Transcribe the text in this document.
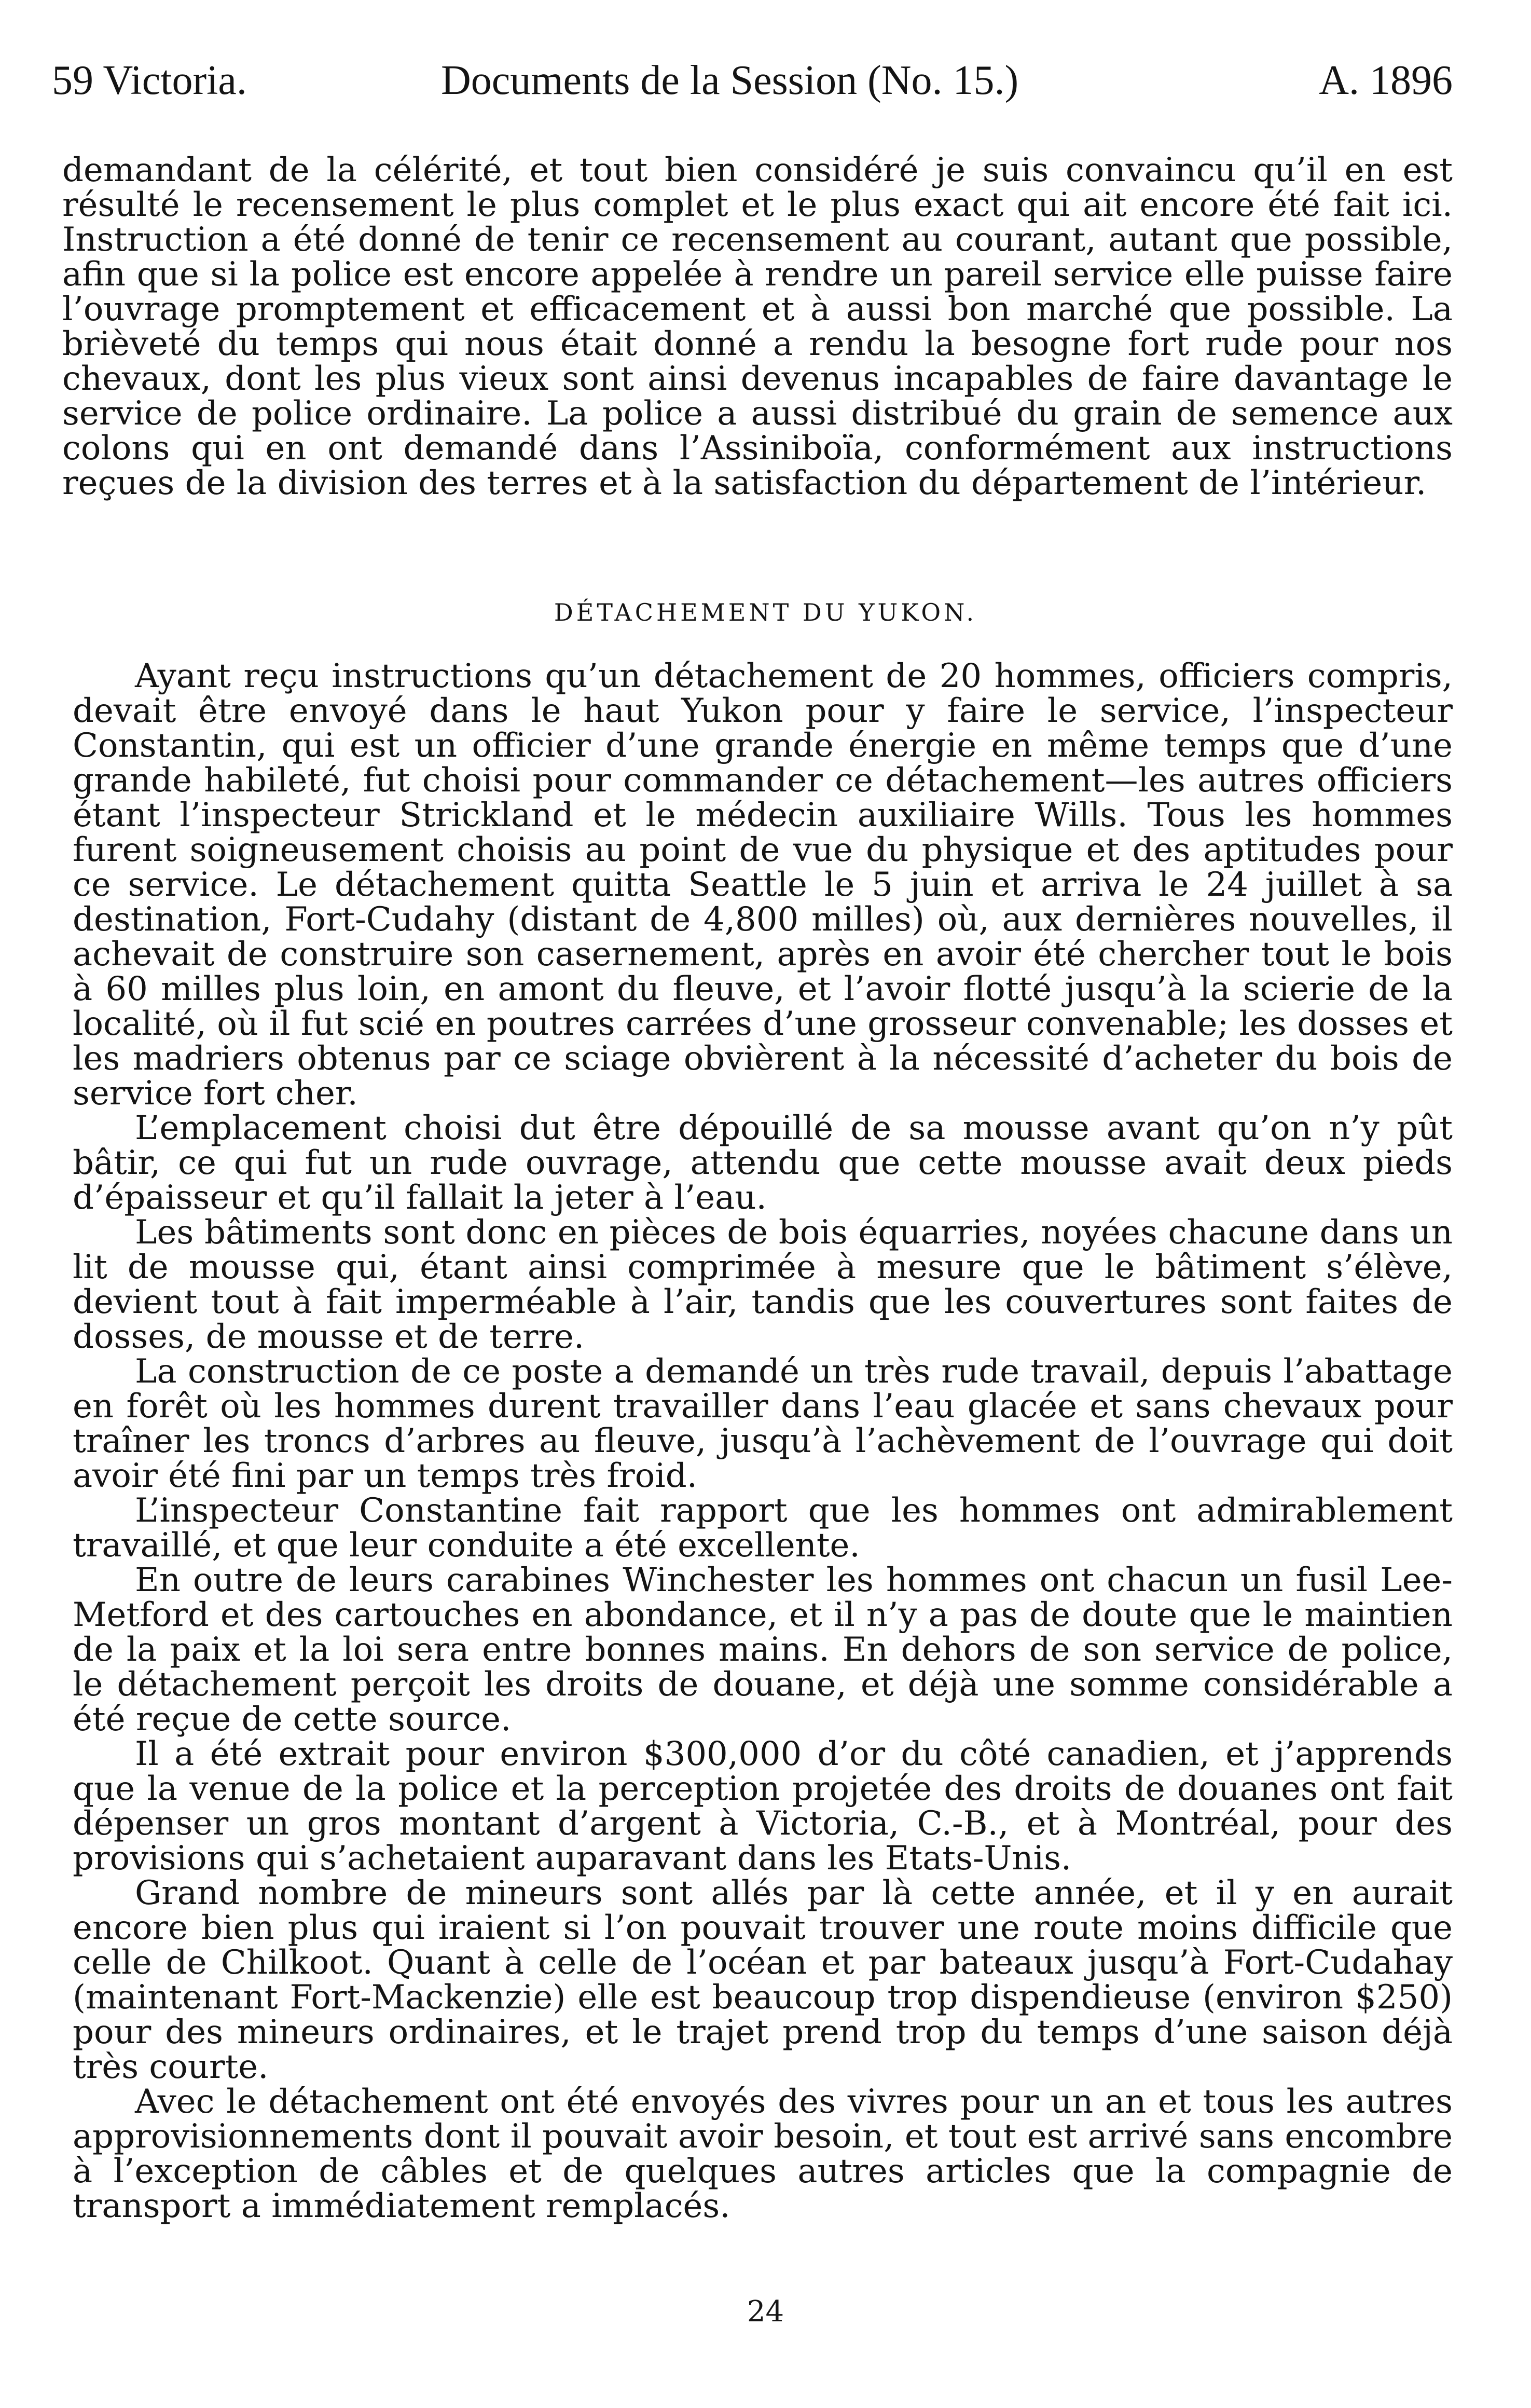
59 Victoria.	Documents de la Session (No. 15.)	A. 1896

demandant de la célérité, et tout bien considéré je suis convaincu qu’il en est résulté le recensement le plus complet et le plus exact qui ait encore été fait ici. Instruction a été donné de tenir ce recensement au courant, autant que possible, afin que si la police est encore appelée à rendre un pareil service elle puisse faire l’ouvrage promptement et efficacement et à aussi bon marché que possible. La brièveté du temps qui nous était donné a rendu la besogne fort rude pour nos chevaux, dont les plus vieux sont ainsi devenus incapables de faire davantage le service de police ordinaire. La police a aussi distribué du grain de semence aux colons qui en ont demandé dans l’Assiniboïa, conformément aux instructions reçues de la division des terres et à la satisfaction du département de l’intérieur.

DÉTACHEMENT DU YUKON.

Ayant reçu instructions qu’un détachement de 20 hommes, officiers compris, devait être envoyé dans le haut Yukon pour y faire le service, l’inspecteur Constantin, qui est un officier d’une grande énergie en même temps que d’une grande habileté, fut choisi pour commander ce détachement—les autres officiers étant l’inspecteur Strickland et le médecin auxiliaire Wills. Tous les hommes furent soigneusement choisis au point de vue du physique et des aptitudes pour ce service. Le détachement quitta Seattle le 5 juin et arriva le 24 juillet à sa destination, Fort-Cudahy (distant de 4,800 milles) où, aux dernières nouvelles, il achevait de construire son casernement, après en avoir été chercher tout le bois à 60 milles plus loin, en amont du fleuve, et l’avoir flotté jusqu’à la scierie de la localité, où il fut scié en poutres carrées d’une grosseur convenable; les dosses et les madriers obtenus par ce sciage obvièrent à la nécessité d’acheter du bois de service fort cher.

L’emplacement choisi dut être dépouillé de sa mousse avant qu’on n’y pût bâtir, ce qui fut un rude ouvrage, attendu que cette mousse avait deux pieds d’épaisseur et qu’il fallait la jeter à l’eau.

Les bâtiments sont donc en pièces de bois équarries, noyées chacune dans un lit de mousse qui, étant ainsi comprimée à mesure que le bâtiment s’élève, devient tout à fait imperméable à l’air, tandis que les couvertures sont faites de dosses, de mousse et de terre.

La construction de ce poste a demandé un très rude travail, depuis l’abattage en forêt où les hommes durent travailler dans l’eau glacée et sans chevaux pour traîner les troncs d’arbres au fleuve, jusqu’à l’achèvement de l’ouvrage qui doit avoir été fini par un temps très froid.

L’inspecteur Constantine fait rapport que les hommes ont admirablement travaillé, et que leur conduite a été excellente.

En outre de leurs carabines Winchester les hommes ont chacun un fusil Lee-Metford et des cartouches en abondance, et il n’y a pas de doute que le maintien de la paix et la loi sera entre bonnes mains. En dehors de son service de police, le détachement perçoit les droits de douane, et déjà une somme considérable a été reçue de cette source.

Il a été extrait pour environ $300,000 d’or du côté canadien, et j’apprends que la venue de la police et la perception projetée des droits de douanes ont fait dépenser un gros montant d’argent à Victoria, C.-B., et à Montréal, pour des provisions qui s’achetaient auparavant dans les Etats-Unis.

Grand nombre de mineurs sont allés par là cette année, et il y en aurait encore bien plus qui iraient si l’on pouvait trouver une route moins difficile que celle de Chilkoot. Quant à celle de l’océan et par bateaux jusqu’à Fort-Cudahay (maintenant Fort-Mackenzie) elle est beaucoup trop dispendieuse (environ $250) pour des mineurs ordinaires, et le trajet prend trop du temps d’une saison déjà très courte.

Avec le détachement ont été envoyés des vivres pour un an et tous les autres approvisionnements dont il pouvait avoir besoin, et tout est arrivé sans encombre à l’exception de câbles et de quelques autres articles que la compagnie de transport a immédiatement remplacés.

24
